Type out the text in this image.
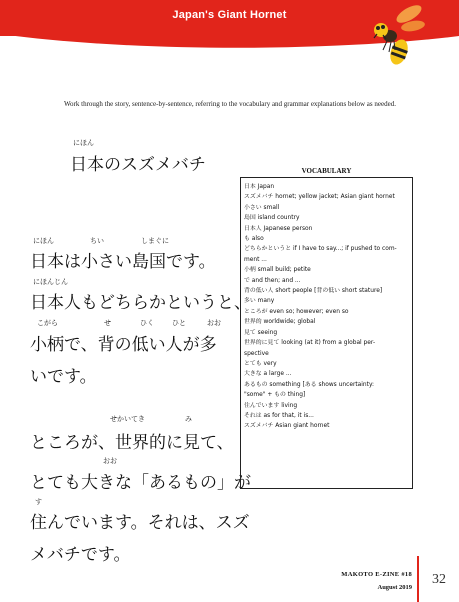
Japan's Giant Hornet
Work through the story, sentence-by-sentence, referring to the vocabulary and grammar explanations below as needed.
にほん
日本のスズメバチ
にほん	ちい	しまぐに
日本は小さい島国です。
にほんじん
日本人もどちらかというと、
こがら	せ	ひく	ひと	おお
小柄で、背の低い人が多
いです。
せかいてき	み
ところが、世界的に見て、
おお
とても大きな「あるもの」が
す
住んでいます。それは、スズ
メバチです。
VOCABULARY
日本 Japan
スズメバチ hornet; yellow jacket; Asian giant hornet
小さい small
島国 island country
日本人 Japanese person
も also
どちらかというと if I have to say...; if pushed to com-
ment ...
小柄 small build; petite
で and then; and ...
背の低い人 short people [背の低い short stature]
多い many
ところが even so; however; even so
世界的 worldwide; global
見て seeing
世界的に見て looking (at it) from a global per-
spective
とても very
大きな a large ...
あるもの something [ある shows uncertainty:
"some" + もの thing]
住んでいます living
それは as for that, it is...
スズメバチ Asian giant hornet
MAKOTO E-ZINE #18
August 2019
32
